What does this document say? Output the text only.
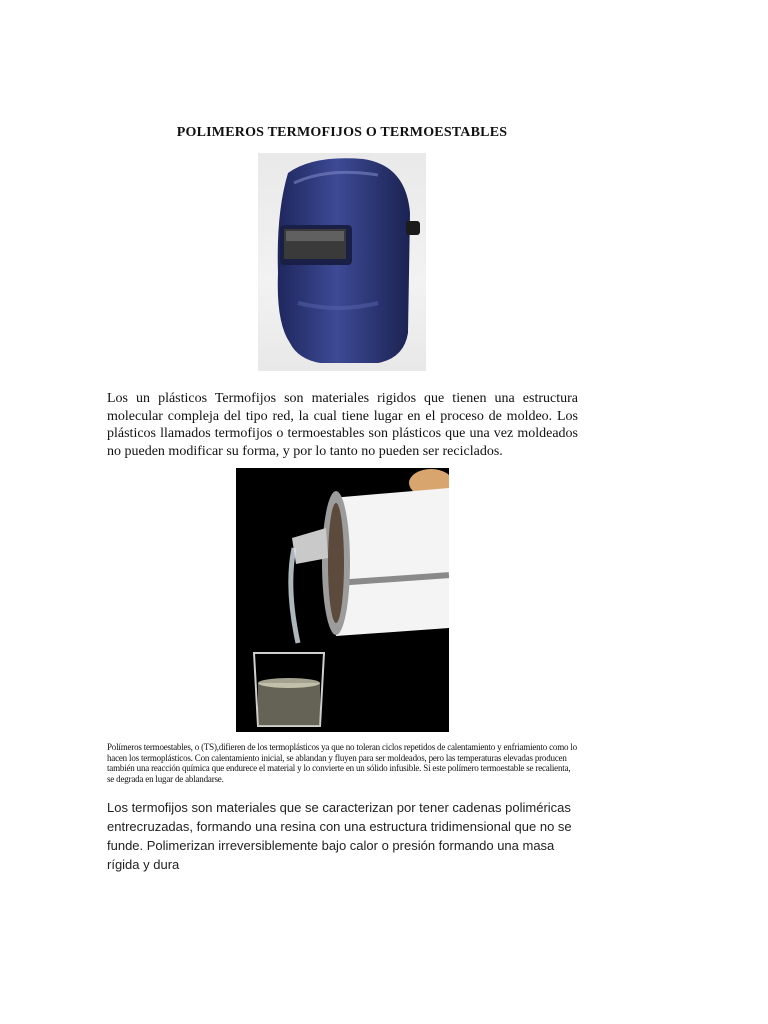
POLIMEROS TERMOFIJOS O TERMOESTABLES
Los un plásticos Termofijos son materiales rigidos que tienen una estructura molecular compleja del tipo red, la cual tiene lugar en el proceso de moldeo. Los plásticos llamados termofijos o termoestables son plásticos que una vez moldeados no pueden modificar su forma, y por lo tanto no pueden ser reciclados.
Polímeros termoestables, o (TS),difieren de los termoplásticos ya que no toleran ciclos repetidos de calentamiento y enfriamiento como lo hacen los termoplásticos. Con calentamiento inicial, se ablandan y fluyen para ser moldeados, pero las temperaturas elevadas producen también una reacción química que endurece el material y lo convierte en un sólido infusible. Si este polímero termoestable se recalienta, se degrada en lugar de ablandarse.
Los termofijos son materiales que se caracterizan por tener cadenas poliméricas entrecruzadas, formando una resina con una estructura tridimensional que no se funde. Polimerizan irreversiblemente bajo calor o presión formando una masa rígida y dura
